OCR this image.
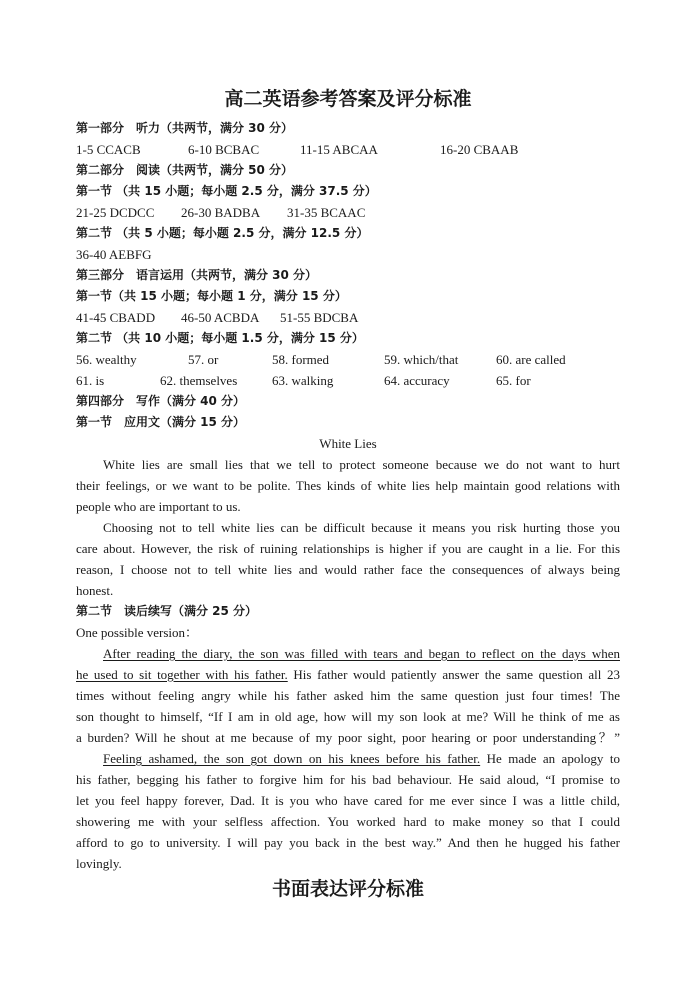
高二英语参考答案及评分标准
第一部分　听力（共两节，满分 30 分）
1-5 CCACB	6-10 BCBAC	11-15 ABCAA	16-20 CBAAB
第二部分　阅读（共两节，满分 50 分）
第一节 （共 15 小题；每小题 2.5 分，满分 37.5 分）
21-25 DCDCC 26-30 BADBA 31-35 BCAAC
第二节 （共 5 小题；每小题 2.5 分，满分 12.5 分）
36-40 AEBFG
第三部分　语言运用（共两节，满分 30 分）
第一节（共 15 小题；每小题 1 分，满分 15 分）
41-45 CBADD 46-50 ACBDA 51-55 BDCBA
第二节 （共 10 小题；每小题 1.5 分，满分 15 分）
56. wealthy	57. or	58. formed	59. which/that	60. are called
61. is	62. themselves	63. walking	64. accuracy	65. for
第四部分　写作（满分 40 分）
第一节　应用文（满分 15 分）
White Lies
White lies are small lies that we tell to protect someone because we do not want to hurt
their feelings, or we want to be polite. Thes kinds of white lies help maintain good relations with
people who are important to us.
Choosing not to tell white lies can be difficult because it means you risk hurting those you
care about. However, the risk of ruining relationships is higher if you are caught in a lie. For this
reason, I choose not to tell white lies and would rather face the consequences of always being
honest.
第二节　读后续写（满分 25 分）
One possible version：
After reading the diary, the son was filled with tears and began to reflect on the days when
he used to sit together with his father. His father would patiently answer the same question all 23
times without feeling angry while his father asked him the same question just four times! The
son thought to himself, “If I am in old age, how will my son look at me? Will he think of me as
a burden? Will he shout at me because of my poor sight, poor hearing or poor understanding？”
Feeling ashamed, the son got down on his knees before his father. He made an apology to
his father, begging his father to forgive him for his bad behaviour. He said aloud, “I promise to
let you feel happy forever, Dad. It is you who have cared for me ever since I was a little child,
showering me with your selfless affection. You worked hard to make money so that I could
afford to go to university. I will pay you back in the best way.” And then he hugged his father
lovingly.
书面表达评分标准
